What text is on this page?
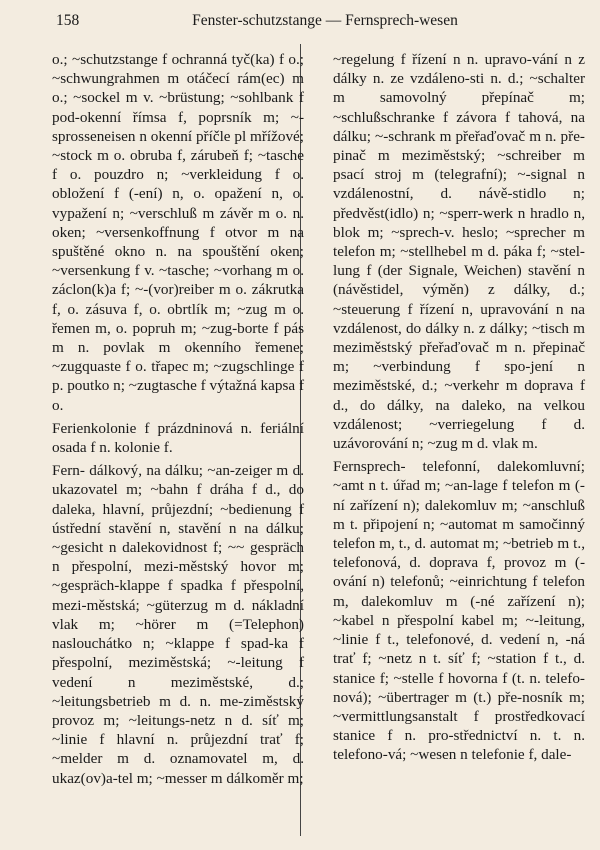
158	Fenster-schutzstange — Fernsprech-wesen

o.; ~schutzstange f ochranná tyč(ka) f o.; ~schwungrahmen m otáčecí rám(ec) m o.; ~sockel m v. ~brüstung; ~sohlbank f pod-okenní římsa f, poprsník m; ~-sprosseneisen n okenní příčle pl mřížové; ~stock m o. obruba f, zárubeň f; ~tasche f o. pouzdro n; ~verkleidung f o. obložení f (-ení) n, o. opažení n, o. vypažení n; ~verschluß m závěr m o. n. oken; ~versenkoffnung f otvor m na spuštěné okno n. na spouštění oken; ~versenkung f v. ~tasche; ~vorhang m o. záclon(k)a f; ~-(vor)reiber m o. zákrutka f, o. zásuva f, o. obrtlík m; ~zug m o. řemen m, o. popruh m; ~zug-borte f pás m n. povlak m okenního řemene; ~zugquaste f o. třapec m; ~zugschlinge f p. poutko n; ~zugtasche f výtažná kapsa f o.

Ferienkolonie f prázdninová n. feriální osada f n. kolonie f.

Fern- dálkový, na dálku; ~an-zeiger m d. ukazovatel m; ~bahn f dráha f d., do daleka, hlavní, průjezdní; ~bedienung f ústřední stavění n, stavění n na dálku; ~gesicht n dalekovidnost f; ~~ gespräch n přespolní, mezi-městský hovor m; ~gespräch-klappe f spadka f přespolní, mezi-městská; ~güterzug m d. nákladní vlak m; ~hörer m (=Telephon) naslouchátko n; ~klappe f spad-ka f přespolní, meziměstská; ~-leitung f vedení n meziměstské, d.; ~leitungsbetrieb m d. n. me-ziměstský provoz m; ~leitungs-netz n d. síť m; ~linie f hlavní n. průjezdní trať f; ~melder m d. oznamovatel m, d. ukaz(ov)a-tel m; ~messer m dálkoměr m;

~regelung f řízení n n. upravo-vání n z dálky n. ze vzdáleno-sti n. d.; ~schalter m samovolný přepínač m; ~schlußschranke f závora f tahová, na dálku; ~-schrank m přeřaďovač m n. pře-pinač m meziměstský; ~schreiber m psací stroj m (telegrafní); ~-signal n vzdálenostní, d. návě-stidlo n; předvěst(idlo) n; ~sperr-werk n hradlo n, blok m; ~sprech-v. heslo; ~sprecher m telefon m; ~stellhebel m d. páka f; ~stel-lung f (der Signale, Weichen) stavění n (návěstidel, výměn) z dálky, d.; ~steuerung f řízení n, upravování n na vzdálenost, do dálky n. z dálky; ~tisch m meziměstský přeřaďovač m n. přepinač m; ~verbindung f spo-jení n meziměstské, d.; ~verkehr m doprava f d., do dálky, na daleko, na velkou vzdálenost; ~verriegelung f d. uzávorování n; ~zug m d. vlak m.

Fernsprech- telefonní, dalekomluvní; ~amt n t. úřad m; ~an-lage f telefon m (-ní zařízení n); dalekomluv m; ~anschluß m t. připojení n; ~automat m samočinný telefon m, t., d. automat m; ~betrieb m t., telefonová, d. doprava f, provoz m (-ování n) telefonů; ~einrichtung f telefon m, dalekomluv m (-né zařízení n); ~kabel n přespolní kabel m; ~-leitung, ~linie f t., telefonové, d. vedení n, -ná trať f; ~netz n t. síť f; ~station f t., d. stanice f; ~stelle f hovorna f (t. n. telefo-nová); ~übertrager m (t.) pře-nosník m; ~vermittlungsanstalt f prostředkovací stanice f n. pro-střednictví n. t. n. telefono-vá; ~wesen n telefonie f, dale-
